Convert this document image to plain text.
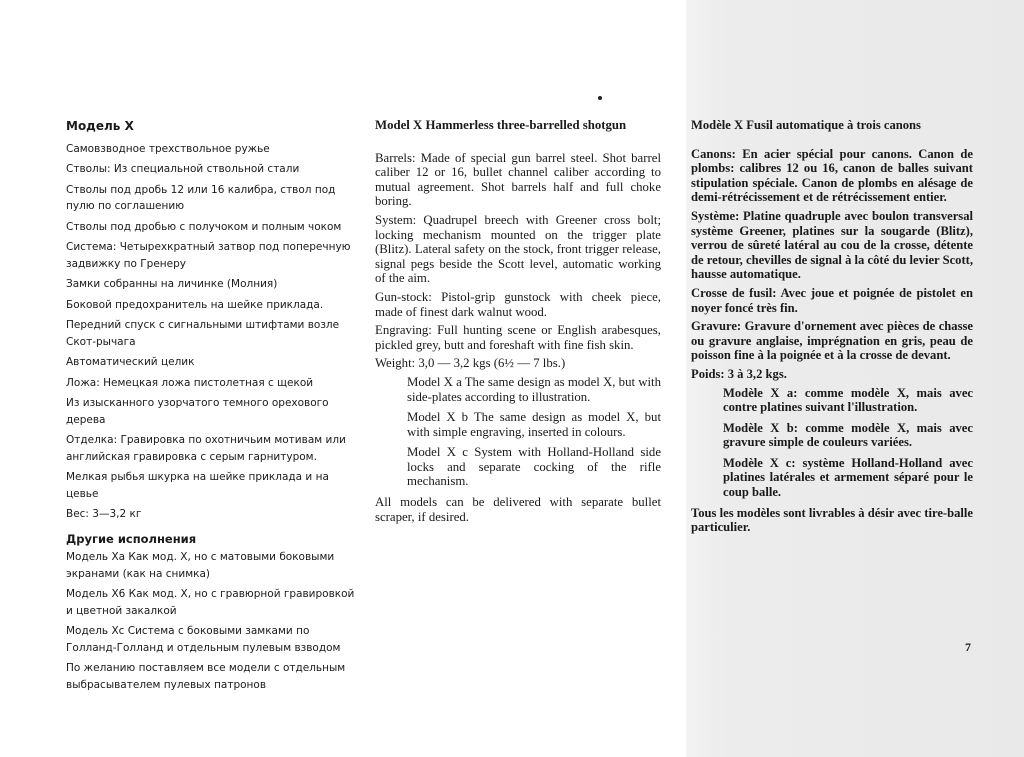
Модель X

Самовзводное трехствольное ружье

Стволы: Из специальной ствольной стали

Стволы под дробь 12 или 16 калибра, ствол под пулю по соглашению

Стволы под дробью с получоком и полным чоком

Система: Четырехкратный затвор под поперечную задвижку по Гренеру

Замки собранны на личинке (Молния)

Боковой предохранитель на шейке приклада.

Передний спуск с сигнальными штифтами возле Скот-рычага

Автоматический целик

Ложа: Немецкая ложа пистолетная с щекой

Из изысканного узорчатого темного орехового дерева

Отделка: Гравировка по охотничьим мотивам или английская гравировка с серым гарнитуром.

Мелкая рыбья шкурка на шейке приклада и на цевье

Вес: 3—3,2 кг

Другие исполнения

Модель Xa Как мод. X, но с матовыми боковыми экранами (как на снимка)

Модель X6 Как мод. X, но с гравюрной гравировкой и цветной закалкой

Модель Xc Система с боковыми замками по Голланд-Голланд и отдельным пулевым взводом

По желанию поставляем все модели с отдельным выбрасывателем пулевых патронов

Model X Hammerless three-barrelled shotgun

Barrels: Made of special gun barrel steel. Shot barrel caliber 12 or 16, bullet channel caliber according to mutual agreement. Shot barrels half and full choke boring.

System: Quadrupel breech with Greener cross bolt; locking mechanism mounted on the trigger plate (Blitz). Lateral safety on the stock, front trigger release, signal pegs beside the Scott level, automatic working of the aim.

Gun-stock: Pistol-grip gunstock with cheek piece, made of finest dark walnut wood.

Engraving: Full hunting scene or English arabesques, pickled grey, butt and foreshaft with fine fish skin.

Weight: 3,0 — 3,2 kgs (6½ — 7 lbs.)

Model X a The same design as model X, but with side-plates according to illustration.

Model X b The same design as model X, but with simple engraving, inserted in colours.

Model X c System with Holland-Holland side locks and separate cocking of the rifle mechanism.

All models can be delivered with separate bullet scraper, if desired.

Modèle X Fusil automatique à trois canons

Canons: En acier spécial pour canons. Canon de plombs: calibres 12 ou 16, canon de balles suivant stipulation spéciale. Canon de plombs en alésage de demi-rétrécissement et de rétrécissement entier.

Système: Platine quadruple avec boulon transversal système Greener, platines sur la sougarde (Blitz), verrou de sûreté latéral au cou de la crosse, détente de retour, chevilles de signal à la côté du levier Scott, hausse automatique.

Crosse de fusil: Avec joue et poignée de pistolet en noyer foncé très fin.

Gravure: Gravure d'ornement avec pièces de chasse ou gravure anglaise, imprégnation en gris, peau de poisson fine à la poignée et à la crosse de devant.

Poids: 3 à 3,2 kgs.

Modèle X a: comme modèle X, mais avec contre platines suivant l'illustration.

Modèle X b: comme modèle X, mais avec gravure simple de couleurs variées.

Modèle X c: système Holland-Holland avec platines latérales et armement séparé pour le coup balle.

Tous les modèles sont livrables à désir avec tire-balle particulier.

7
